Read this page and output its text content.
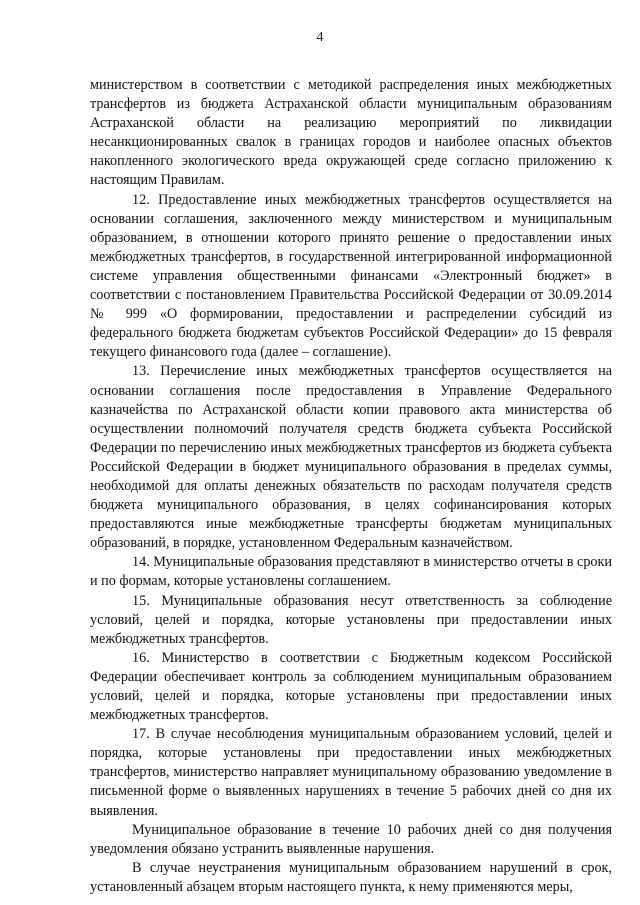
4

министерством в соответствии с методикой распределения иных межбюджетных трансфертов из бюджета Астраханской области муниципальным образованиям Астраханской области на реализацию мероприятий по ликвидации несанкционированных свалок в границах городов и наиболее опасных объектов накопленного экологического вреда окружающей среде согласно приложению к настоящим Правилам.

12. Предоставление иных межбюджетных трансфертов осуществляется на основании соглашения, заключенного между министерством и муниципальным образованием, в отношении которого принято решение о предоставлении иных межбюджетных трансфертов, в государственной интегрированной информационной системе управления общественными финансами «Электронный бюджет» в соответствии с постановлением Правительства Российской Федерации от 30.09.2014 № 999 «О формировании, предоставлении и распределении субсидий из федерального бюджета бюджетам субъектов Российской Федерации» до 15 февраля текущего финансового года (далее – соглашение).

13. Перечисление иных межбюджетных трансфертов осуществляется на основании соглашения после предоставления в Управление Федерального казначейства по Астраханской области копии правового акта министерства об осуществлении полномочий получателя средств бюджета субъекта Российской Федерации по перечислению иных межбюджетных трансфертов из бюджета субъекта Российской Федерации в бюджет муниципального образования в пределах суммы, необходимой для оплаты денежных обязательств по расходам получателя средств бюджета муниципального образования, в целях софинансирования которых предоставляются иные межбюджетные трансферты бюджетам муниципальных образований, в порядке, установленном Федеральным казначейством.

14. Муниципальные образования представляют в министерство отчеты в сроки и по формам, которые установлены соглашением.

15. Муниципальные образования несут ответственность за соблюдение условий, целей и порядка, которые установлены при предоставлении иных межбюджетных трансфертов.

16. Министерство в соответствии с Бюджетным кодексом Российской Федерации обеспечивает контроль за соблюдением муниципальным образованием условий, целей и порядка, которые установлены при предоставлении иных межбюджетных трансфертов.

17. В случае несоблюдения муниципальным образованием условий, целей и порядка, которые установлены при предоставлении иных межбюджетных трансфертов, министерство направляет муниципальному образованию уведомление в письменной форме о выявленных нарушениях в течение 5 рабочих дней со дня их выявления.

Муниципальное образование в течение 10 рабочих дней со дня получения уведомления обязано устранить выявленные нарушения.

В случае неустранения муниципальным образованием нарушений в срок, установленный абзацем вторым настоящего пункта, к нему применяются меры,
